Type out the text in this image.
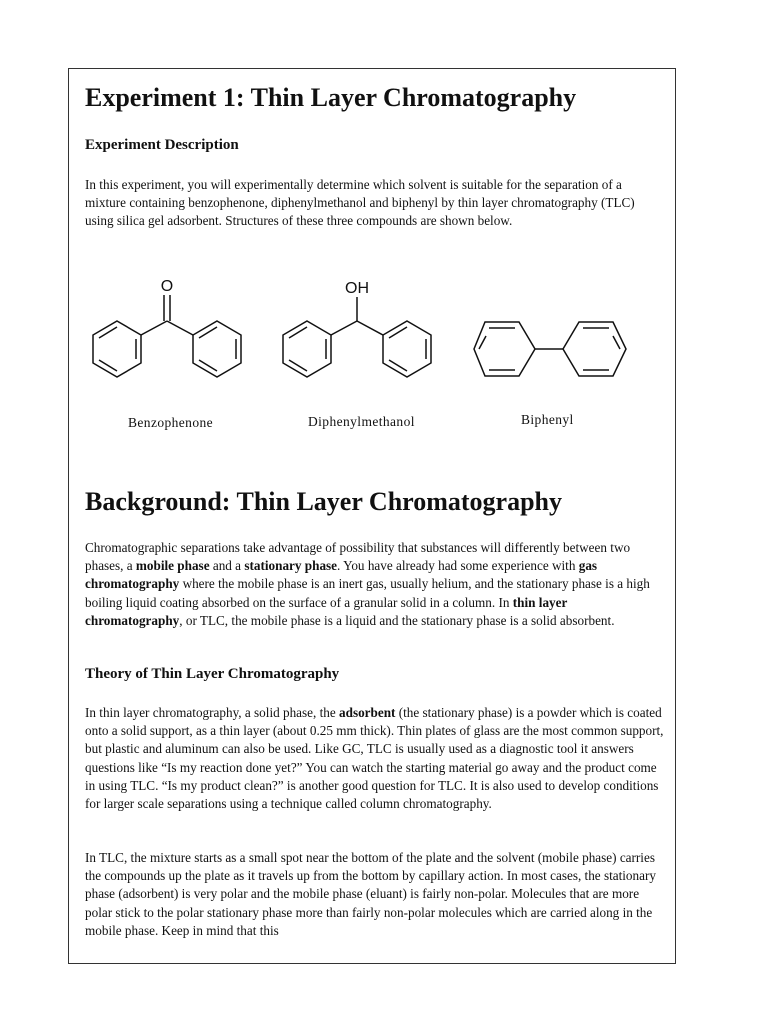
Experiment 1: Thin Layer Chromatography
Experiment Description

In this experiment, you will experimentally determine which solvent is suitable for the separation of a mixture containing benzophenone, diphenylmethanol and biphenyl by thin layer chromatography (TLC) using silica gel adsorbent. Structures of these three compounds are shown below.

O
Benzophenone
OH
Diphenylmethanol	Biphenyl
Background: Thin Layer Chromatography

Chromatographic separations take advantage of possibility that substances will differently between two phases, a mobile phase and a stationary phase. You have already had some experience with gas chromatography where the mobile phase is an inert gas, usually helium, and the stationary phase is a high boiling liquid coating absorbed on the surface of a granular solid in a column. In thin layer chromatography, or TLC, the mobile phase is a liquid and the stationary phase is a solid absorbent.

Theory of Thin Layer Chromatography

In thin layer chromatography, a solid phase, the adsorbent (the stationary phase) is a powder which is coated onto a solid support, as a thin layer (about 0.25 mm thick). Thin plates of glass are the most common support, but plastic and aluminum can also be used. Like GC, TLC is usually used as a diagnostic tool it answers questions like “Is my reaction done yet?” You can watch the starting material go away and the product come in using TLC. “Is my product clean?” is another good question for TLC. It is also used to develop conditions for larger scale separations using a technique called column chromatography.

In TLC, the mixture starts as a small spot near the bottom of the plate and the solvent (mobile phase) carries the compounds up the plate as it travels up from the bottom by capillary action. In most cases, the stationary phase (adsorbent) is very polar and the mobile phase (eluant) is fairly non-polar. Molecules that are more polar stick to the polar stationary phase more than fairly non-polar molecules which are carried along in the mobile phase. Keep in mind that this
